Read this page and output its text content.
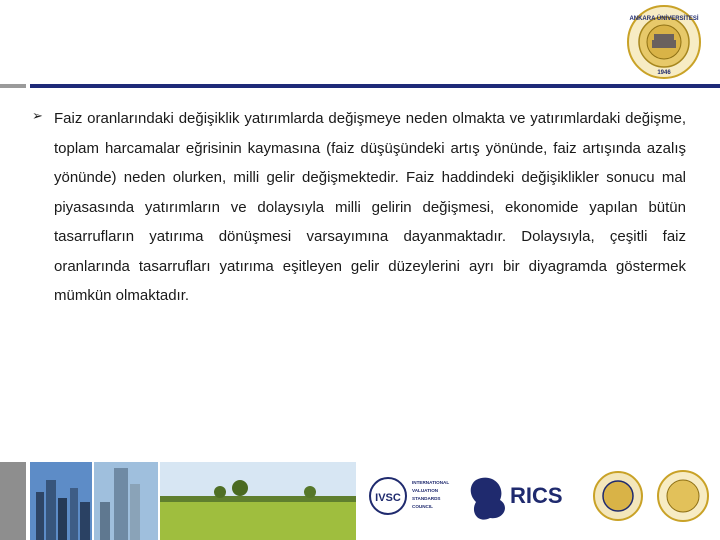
ANKARA ÜNİVERSİTESİ
1946
➢ Faiz oranlarındaki değişiklik yatırımlarda değişmeye neden olmakta ve yatırımlardaki değişme, toplam harcamalar eğrisinin kaymasına (faiz düşüşündeki artış yönünde, faiz artışında azalış yönünde) neden olurken, milli gelir değişmektedir. Faiz haddindeki değişiklikler sonucu mal piyasasında yatırımların ve dolaysıyla milli gelirin değişmesi, ekonomide yapılan bütün tasarrufların yatırıma dönüşmesi varsayımına dayanmaktadır. Dolaysıyla, çeşitli faiz oranlarında tasarrufları yatırıma eşitleyen gelir düzeylerini ayrı bir diyagramda göstermek mümkün olmaktadır.

IVSC
INTERNATIONAL
VALUATION
STANDARDS
COUNCIL	RICS
